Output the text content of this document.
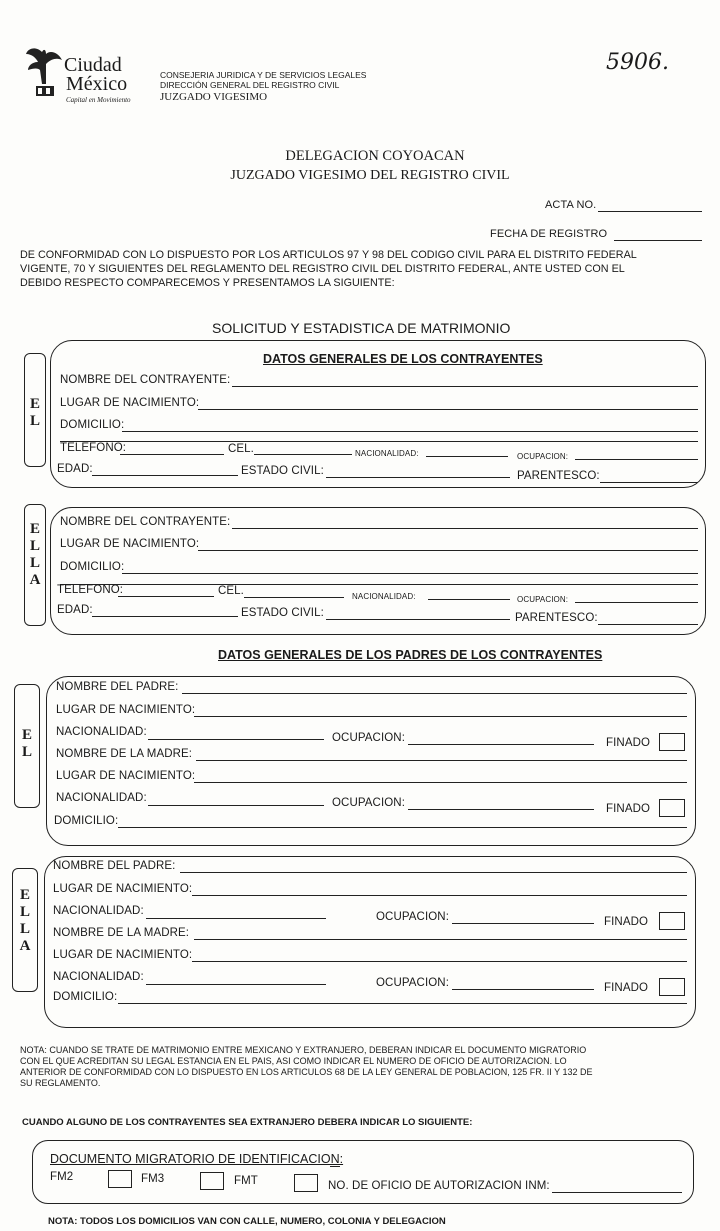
Ciudad
México
Capital en Movimiento
CONSEJERIA JURIDICA Y DE SERVICIOS LEGALES
DIRECCIÓN GENERAL DEL REGISTRO CIVIL
JUZGADO VIGESIMO
5906.
DELEGACION COYOACAN
JUZGADO VIGESIMO DEL REGISTRO CIVIL
ACTA NO.
FECHA DE REGISTRO
DE CONFORMIDAD CON LO DISPUESTO POR LOS ARTICULOS 97 Y 98 DEL CODIGO CIVIL PARA EL DISTRITO FEDERAL
VIGENTE, 70 Y SIGUIENTES DEL REGLAMENTO DEL REGISTRO CIVIL DEL DISTRITO FEDERAL, ANTE USTED CON EL
DEBIDO RESPECTO COMPARECEMOS Y PRESENTAMOS LA SIGUIENTE:
SOLICITUD Y ESTADISTICA DE MATRIMONIO
E
L
DATOS GENERALES DE LOS CONTRAYENTES
NOMBRE DEL CONTRAYENTE:
LUGAR DE NACIMIENTO:
DOMICILIO:
TELEFONO:	CEL.	NACIONALIDAD:	OCUPACION:
EDAD:	ESTADO CIVIL:	PARENTESCO:
E
L
L
A
NOMBRE DEL CONTRAYENTE:
LUGAR DE NACIMIENTO:
DOMICILIO:
TELEFONO:	CEL.	NACIONALIDAD:	OCUPACION:
EDAD:	ESTADO CIVIL:	PARENTESCO:
DATOS GENERALES DE LOS PADRES DE LOS CONTRAYENTES
E
L
NOMBRE DEL PADRE:
LUGAR DE NACIMIENTO:
NACIONALIDAD:	OCUPACION:	FINADO
NOMBRE DE LA MADRE:
LUGAR DE NACIMIENTO:
NACIONALIDAD:	OCUPACION:	FINADO
DOMICILIO:
E
L
L
A
NOMBRE DEL PADRE:
LUGAR DE NACIMIENTO:
NACIONALIDAD:	OCUPACION:	FINADO
NOMBRE DE LA MADRE:
LUGAR DE NACIMIENTO:
NACIONALIDAD:	OCUPACION:	FINADO
DOMICILIO:
NOTA: CUANDO SE TRATE DE MATRIMONIO ENTRE MEXICANO Y EXTRANJERO, DEBERAN INDICAR EL DOCUMENTO MIGRATORIO
CON EL QUE ACREDITAN SU LEGAL ESTANCIA EN EL PAIS, ASI COMO INDICAR EL NUMERO DE OFICIO DE AUTORIZACION. LO
ANTERIOR DE CONFORMIDAD CON LO DISPUESTO EN LOS ARTICULOS 68 DE LA LEY GENERAL DE POBLACION, 125 FR. II Y 132 DE
SU REGLAMENTO.
CUANDO ALGUNO DE LOS CONTRAYENTES SEA EXTRANJERO DEBERA INDICAR LO SIGUIENTE:
DOCUMENTO MIGRATORIO DE IDENTIFICACION:
FM2	FM3	FMT	NO. DE OFICIO DE AUTORIZACION INM:
NOTA: TODOS LOS DOMICILIOS VAN CON CALLE, NUMERO, COLONIA Y DELEGACION
